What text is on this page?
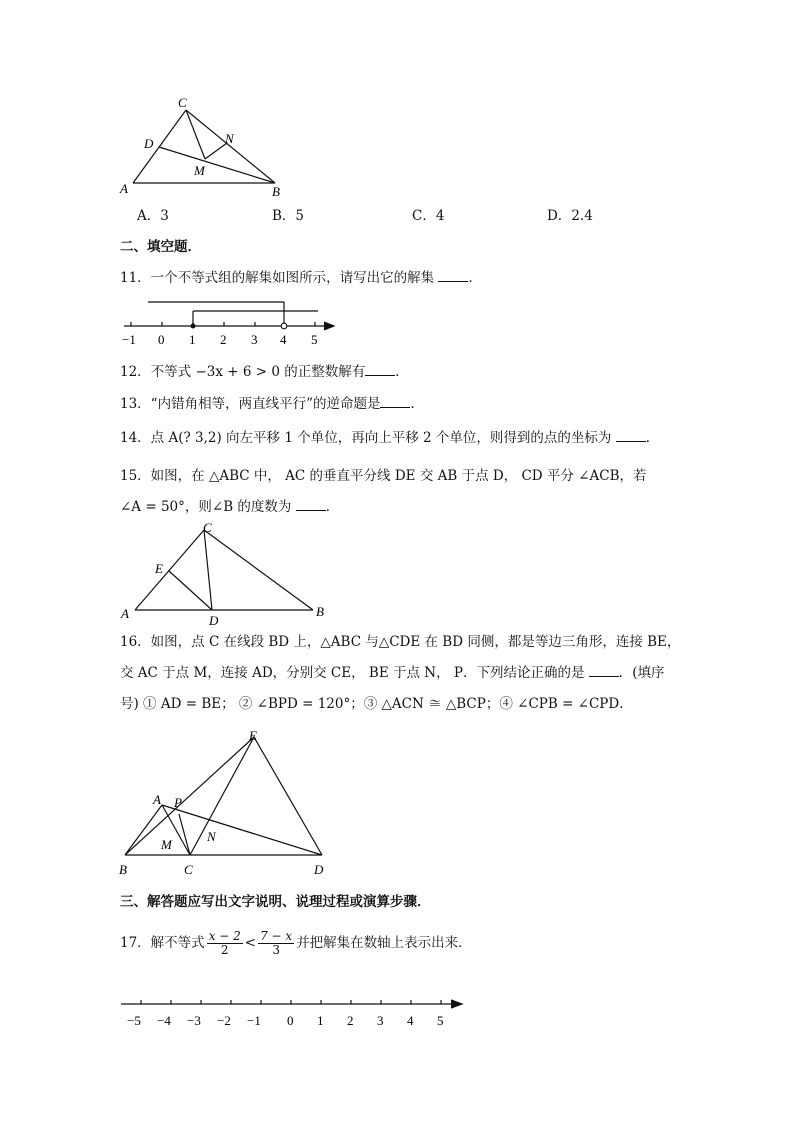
C
D	N
M
A	B
A．3	B．5	C．4	D．2.4
二、填空题．
11．一个不等式组的解集如图所示，请写出它的解集	．
−1 0 1 2 3 4 5
12．不等式 −3x + 6 > 0 的正整数解有 ．
13．“内错角相等，两直线平行”的逆命题是 ．
14．点 A(? 3,2) 向左平移 1 个单位，再向上平移 2 个单位，则得到的点的坐标为	．
15．如图，在 △ABC 中， AC 的垂直平分线 DE 交 AB 于点 D， CD 平分 ∠ACB，若
∠A = 50°，则∠B 的度数为	．
C
E
A	D
B
16．如图，点 C 在线段 BD 上，△ABC 与△CDE 在 BD 同侧，都是等边三角形，连接 BE，
交 AC 于点 M，连接 AD，分别交 CE， BE 于点 N， P．下列结论正确的是	．(填序
号) ① AD = BE； ② ∠BPD = 120°；③ △ACN ≅ △BCP；④ ∠CPB = ∠CPD．
E
A P
M
N
B	C	D
三、解答题应写出文字说明、说理过程或演算步骤．
17．解不等式 $\frac{x - 2}{2} < \frac{7 - x}{3}$ 并把解集在数轴上表示出来．
−5 −4 −3 −2 −1 0 1 2 3 4 5
